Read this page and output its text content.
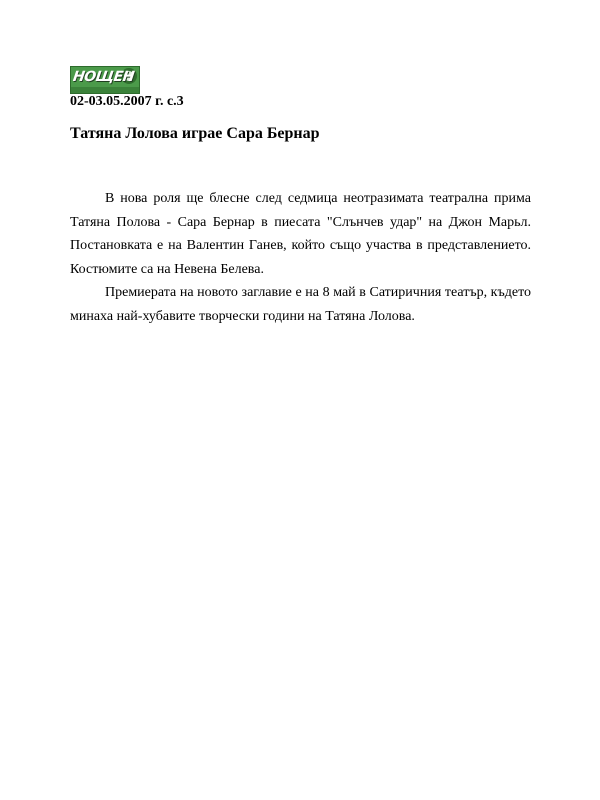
НОЩЕН
02-03.05.2007 г. с.3
Татяна Лолова играе Сара Бернар

В нова роля ще блесне след седмица неотразимата театрална прима Татяна Полова - Сара Бернар в пиесата "Слънчев удар" на Джон Марьл. Постановката е на Валентин Ганев, който също участва в представлението. Костюмите са на Невена Белева.

Премиерата на новото заглавие е на 8 май в Сатиричния театър, където минаха най-хубавите творчески години на Татяна Лолова.
